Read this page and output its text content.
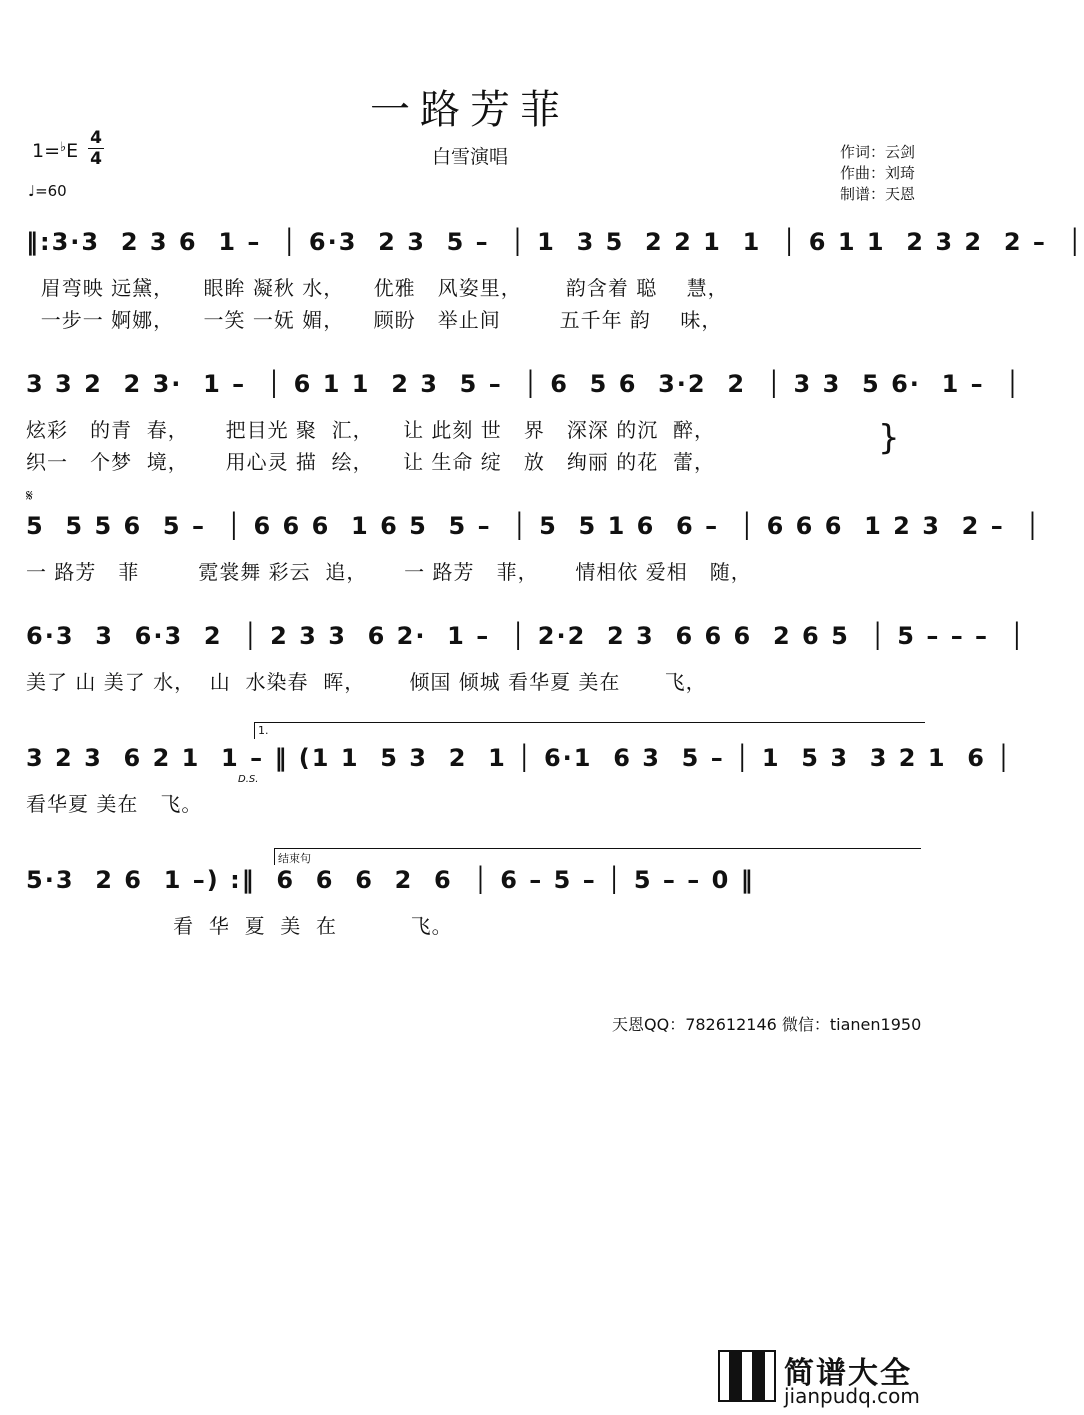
一路芳菲
白雪演唱
1=♭E
4
4
♩=60
作词：云剑
作曲：刘琦
制谱：天恩
‖:3·3  2 3 6  1 –  │ 6·3  2 3  5 –  │ 1  3 5  2 2 1  1  │ 6 1 1  2 3 2  2 –  │
眉弯映 远黛，    眼眸 凝秋 水，    优雅   风姿里，      韵含着 聪    慧，
一步一 婀娜，    一笑 一妩 媚，    顾盼   举止间        五千年 韵    味，
3 3 2  2 3·  1 –  │ 6 1 1  2 3  5 –  │ 6  5 6  3·2  2  │ 3 3  5 6·  1 –  │
炫彩   的青  春，     把目光 聚  汇，    让 此刻 世   界   深深 的沉  醉，
织一   个梦  境，     用心灵 描  绘，    让 生命 绽   放   绚丽 的花  蕾，
}
𝄋
5  5 5 6  5 –  │ 6 6 6  1 6 5  5 –  │ 5  5 1 6  6 –  │ 6 6 6  1 2 3  2 –  │
一 路芳   菲        霓裳舞 彩云  追，     一 路芳   菲，     情相依 爱相   随，
6·3  3  6·3  2  │ 2 3 3  6 2·  1 –  │ 2·2  2 3  6 6 6  2 6 5  │ 5 – – –  │
美了 山 美了 水，  山  水染春  晖，      倾国 倾城 看华夏 美在      飞，
1.
3 2 3  6 2 1  1 – ‖ (1 1  5 3  2  1 │ 6·1  6 3  5 – │ 1  5 3  3 2 1  6 │
D.S.
看华夏 美在   飞。
结束句
5·3  2 6  1 –) :‖  6  6  6  2  6  │ 6 – 5 – │ 5 – – 0 ‖
看  华  夏  美  在          飞。
天恩QQ：782612146 微信：tianen1950
简谱大全
jianpudq.com
